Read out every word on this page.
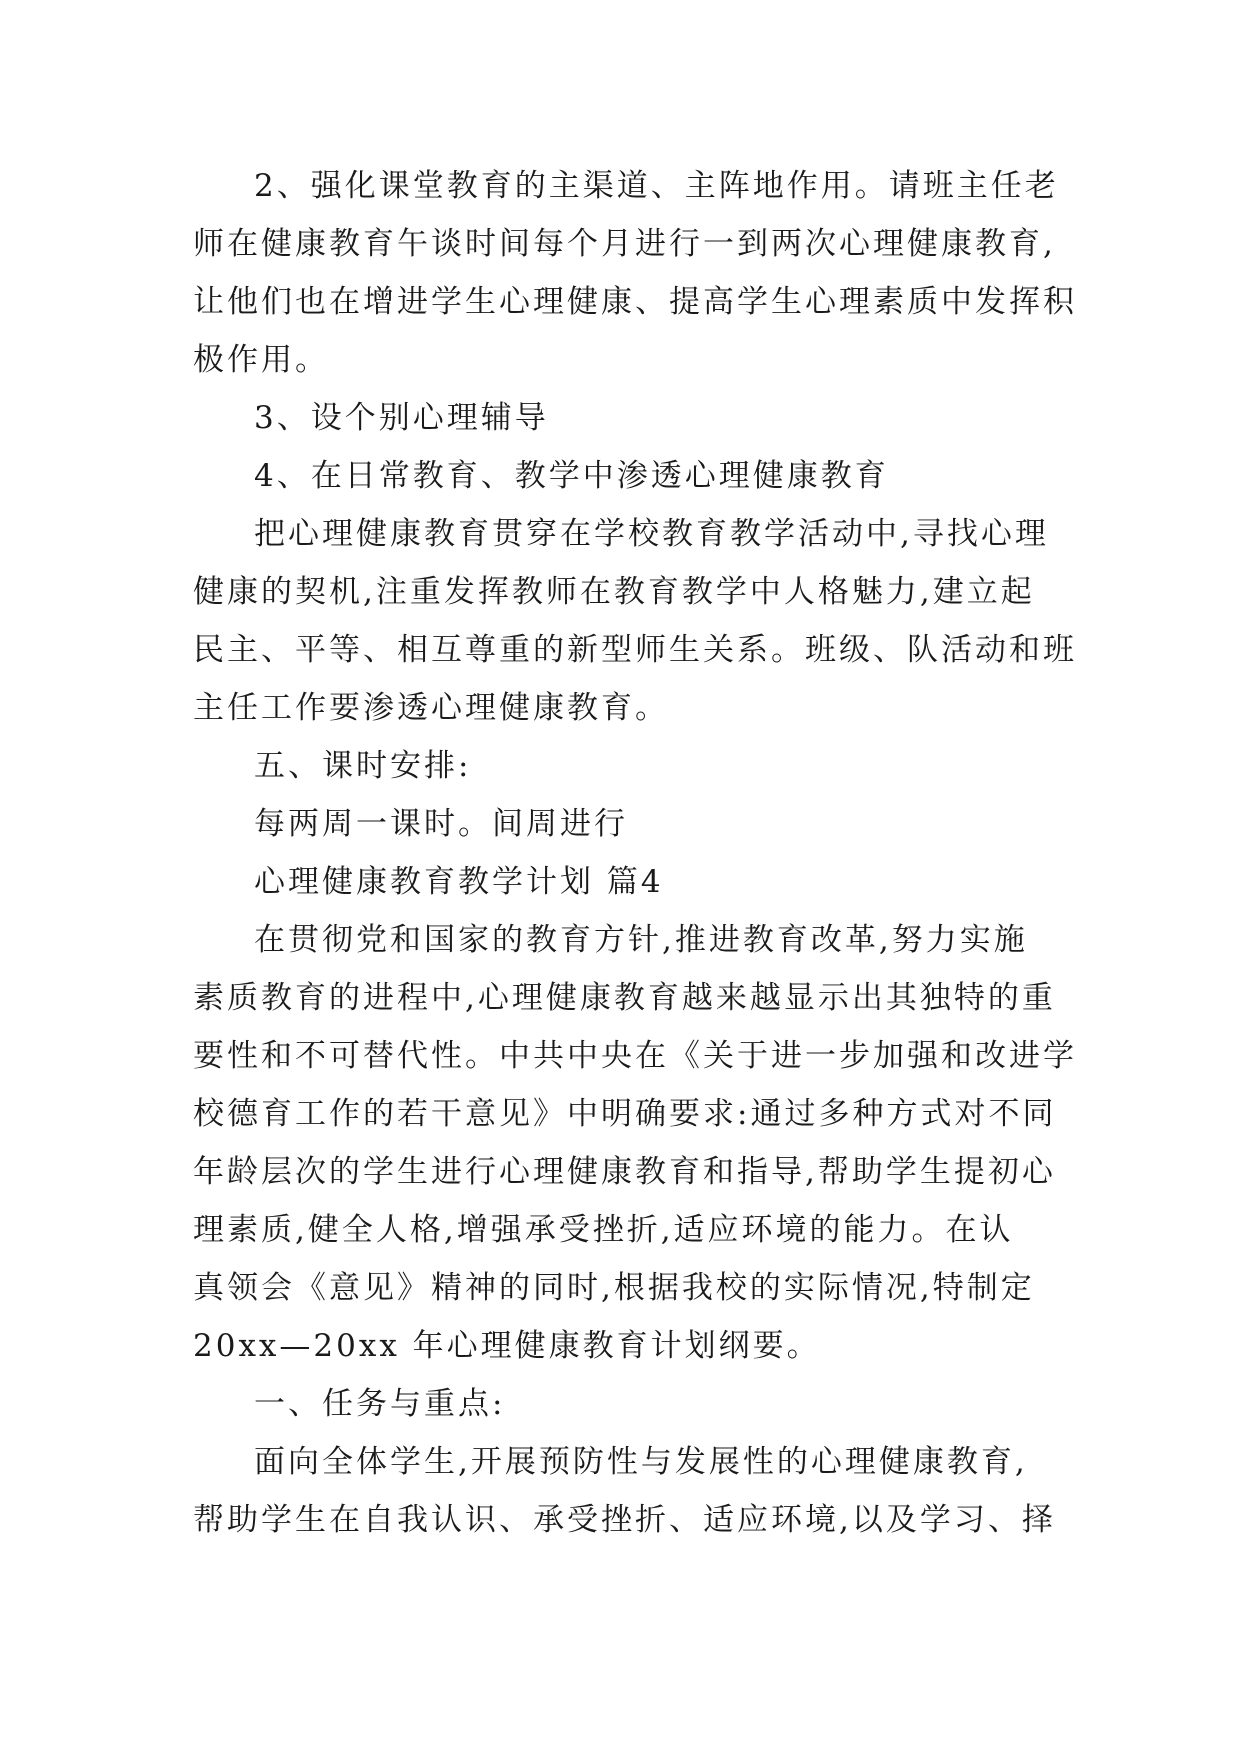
2、强化课堂教育的主渠道、主阵地作用。请班主任老
师在健康教育午谈时间每个月进行一到两次心理健康教育,
让他们也在增进学生心理健康、提高学生心理素质中发挥积
极作用。
3、设个别心理辅导
4、在日常教育、教学中渗透心理健康教育
把心理健康教育贯穿在学校教育教学活动中,寻找心理
健康的契机,注重发挥教师在教育教学中人格魅力,建立起
民主、平等、相互尊重的新型师生关系。班级、队活动和班
主任工作要渗透心理健康教育。
五、课时安排:
每两周一课时。间周进行
心理健康教育教学计划 篇4
在贯彻党和国家的教育方针,推进教育改革,努力实施
素质教育的进程中,心理健康教育越来越显示出其独特的重
要性和不可替代性。中共中央在《关于进一步加强和改进学
校德育工作的若干意见》中明确要求:通过多种方式对不同
年龄层次的学生进行心理健康教育和指导,帮助学生提初心
理素质,健全人格,增强承受挫折,适应环境的能力。在认
真领会《意见》精神的同时,根据我校的实际情况,特制定
20xx—20xx 年心理健康教育计划纲要。
一、任务与重点:
面向全体学生,开展预防性与发展性的心理健康教育,
帮助学生在自我认识、承受挫折、适应环境,以及学习、择
